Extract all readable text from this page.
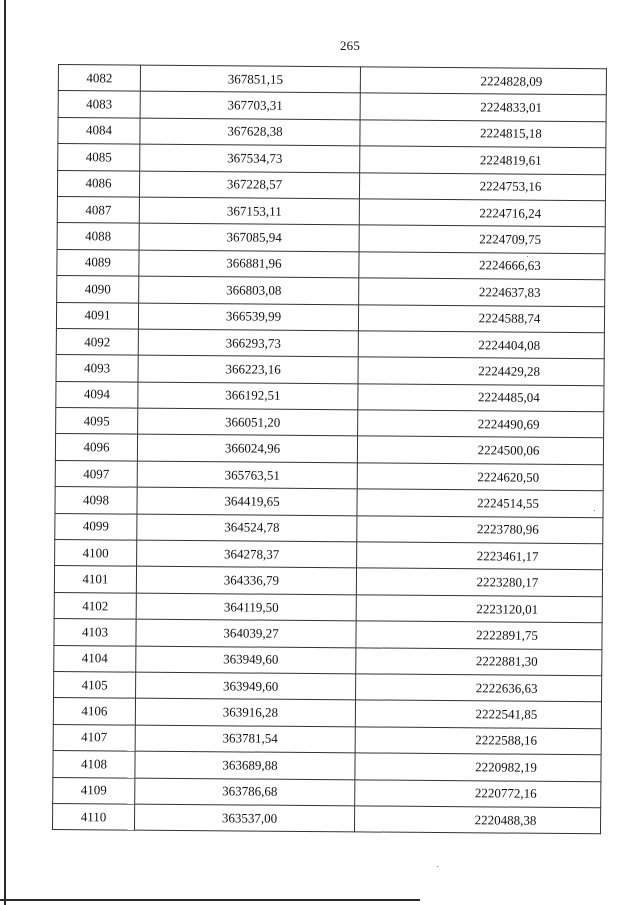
265
4082	367851,15	2224828,09
4083	367703,31	2224833,01
4084	367628,38	2224815,18
4085	367534,73	2224819,61
4086	367228,57	2224753,16
4087	367153,11	2224716,24
4088	367085,94	2224709,75
4089	366881,96	2224666,63
4090	366803,08	2224637,83
4091	366539,99	2224588,74
4092	366293,73	2224404,08
4093	366223,16	2224429,28
4094	366192,51	2224485,04
4095	366051,20	2224490,69
4096	366024,96	2224500,06
4097	365763,51	2224620,50
4098	364419,65	2224514,55
4099	364524,78	2223780,96
4100	364278,37	2223461,17
4101	364336,79	2223280,17
4102	364119,50	2223120,01
4103	364039,27	2222891,75
4104	363949,60	2222881,30
4105	363949,60	2222636,63
4106	363916,28	2222541,85
4107	363781,54	2222588,16
4108	363689,88	2220982,19
4109	363786,68	2220772,16
4110	363537,00	2220488,38
